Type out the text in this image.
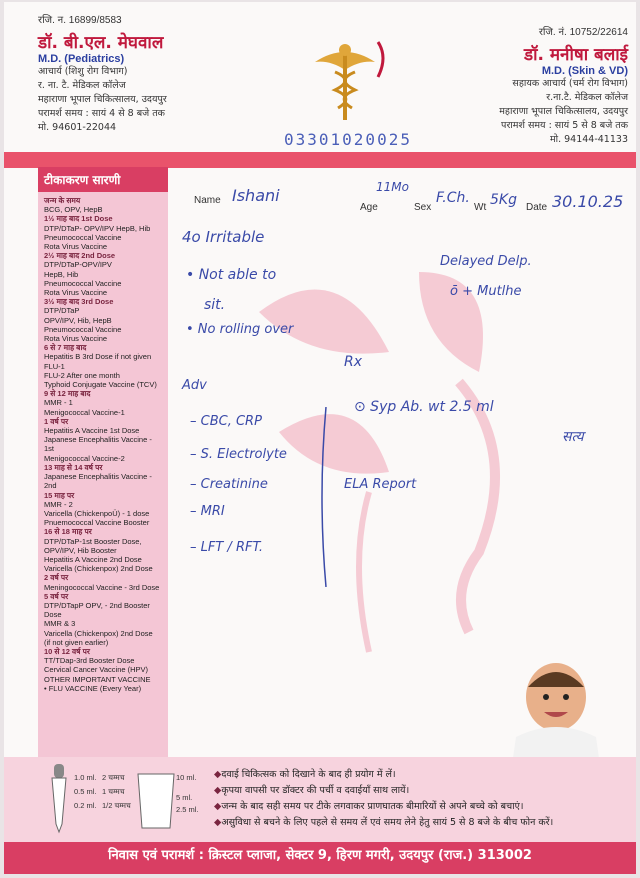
रजि. न. 16899/8583
डॉ. बी.एल. मेघवाल
M.D. (Pediatrics)
आचार्य (शिशु रोग विभाग)
र. ना. टै. मेडिकल कॉलेज
महाराणा भूपाल चिकित्सालय, उदयपुर
परामर्श समय : सायं 4 से 8 बजे तक
मो. 94601-22044
रजि. नं. 10752/22614
डॉ. मनीषा बलाई
M.D. (Skin & VD)
सहायक आचार्य (चर्म रोग विभाग)
र.ना.टै. मेडिकल कॉलेज
महाराणा भूपाल चिकित्सालय, उदयपुर
परामर्श समय : सायं 5 से 8 बजे तक
मो. 94144-41133
03301020025
टीकाकरण सारणी
जन्म के समय
BCG, OPV, HepB
1½ माह बाद 1st Dose
DTP/DTaP- OPV/IPV HepB, Hib
Pneumococcal Vaccine
Rota Virus Vaccine
2½ माह बाद 2nd Dose
DTP/DTaP-OPV/IPV
HepB, Hib
Pneumococcal Vaccine
Rota Virus Vaccine
3½ माह बाद 3rd Dose
DTP/DTaP
OPV/IPV, Hib, HepB
Pneumococcal Vaccine
Rota Virus Vaccine
6 से 7 माह बाद
Hepatitis B 3rd Dose if not given
FLU-1
FLU-2 After one month
Typhoid Conjugate Vaccine (TCV)
9 से 12 माह बाद
MMR - 1
Menigococcal Vaccine-1
1 वर्ष पर
Hepatitis A Vaccine 1st Dose
Japanese Encephalitis Vaccine - 1st
Menigococcal Vaccine-2
13 माह से 14 वर्ष पर
Japanese Encephalitis Vaccine - 2nd
15 माह पर
MMR - 2
Varicella (ChickenpoÜ) - 1 dose
Pnuemococcal Vaccine Booster
16 से 18 माह पर
DTP/DTaP-1st Booster Dose,
OPV/IPV, Hib Booster
Hepatitis A Vaccine 2nd Dose
Varicella (Chickenpox) 2nd Dose
2 वर्ष पर
Meningococcal Vaccine - 3rd Dose
5 वर्ष पर
DTP/DTapP OPV, - 2nd Booster Dose
MMR & 3
Varicella (Chickenpox) 2nd Dose
(if not given earlier)
10 से 12 वर्ष पर
TT/TDap-3rd Booster Dose
Cervical Cancer Vaccine (HPV)
OTHER IMPORTANT VACCINE
• FLU VACCINE (Every Year)
Name Ishani
Age
11Mo
Sex
F.Ch.
Wt 5Kg Date 30.10.25
4o Irritable
• Not able to
sit.
• No rolling over
Delayed Delp.
ō + Mutlhe
Rx
Adv
– CBC, CRP
– S. Electrolyte
– Creatinine
– MRI
– LFT / RFT.
⊙ Syp Ab. wt 2.5 ml
सत्य
ELA Report
1.0 ml.
0.5 ml.
0.2 ml.
2 चम्मच
1 चम्मच
1/2 चम्मच
10 ml.
5 ml.
2.5 ml.
◆ दवाई चिकित्सक को दिखाने के बाद ही प्रयोग में लें।
◆ कृपया वापसी पर डॉक्टर की पर्ची व दवाईयाँ साथ लायें।
◆ जन्म के बाद सही समय पर टीके लगवाकर प्राणघातक बीमारियों से अपने बच्चे को बचाएं।
◆ असुविधा से बचने के लिए पहले से समय लें एवं समय लेने हेतु सायं 5 से 8 बजे के बीच फोन करें।
निवास एवं परामर्श : क्रिस्टल प्लाजा, सेक्टर 9, हिरण मगरी, उदयपुर (राज.) 313002
